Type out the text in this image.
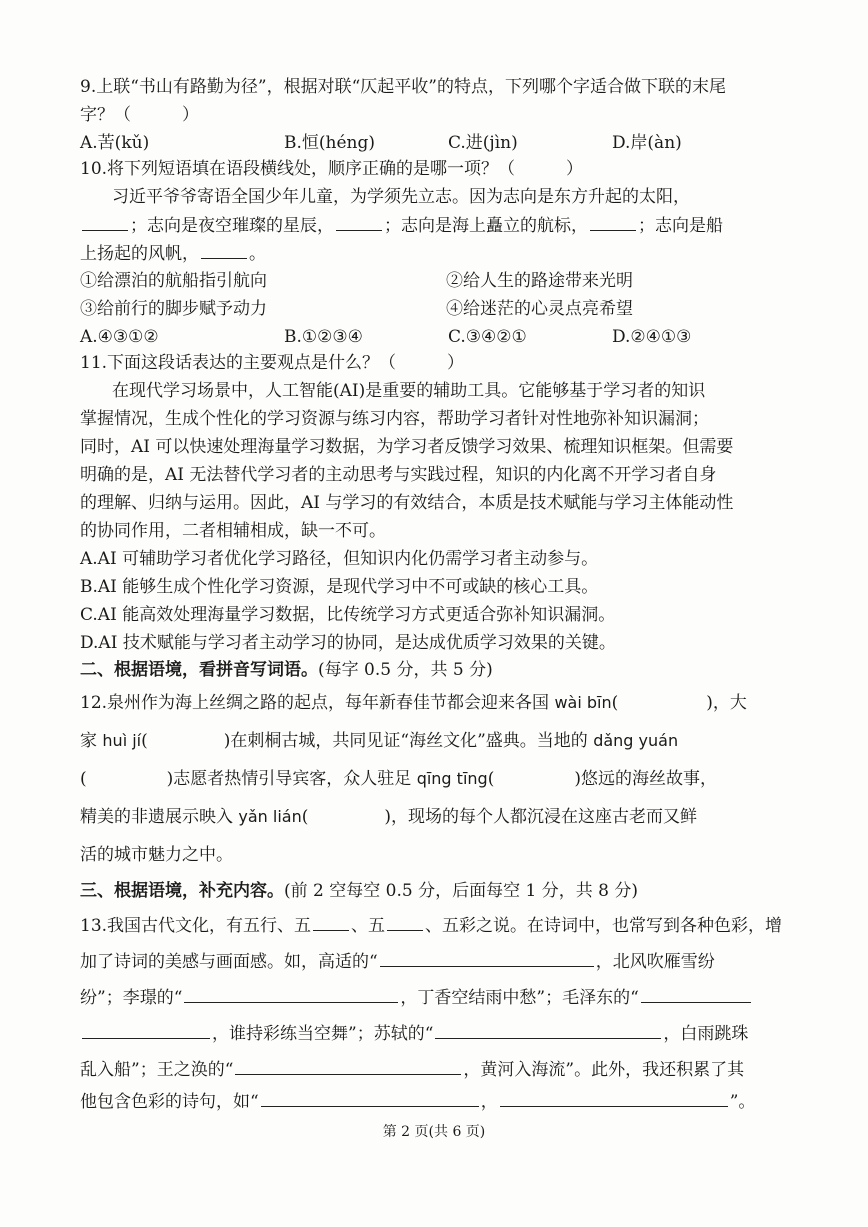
9.上联“书山有路勤为径”，根据对联“仄起平收”的特点，下列哪个字适合做下联的末尾
字？（　　　）
A.苦(kǔ)	B.恒(héng)	C.进(jìn)	D.岸(àn)
10.将下列短语填在语段横线处，顺序正确的是哪一项？（　　　）
习近平爷爷寄语全国少年儿童，为学须先立志。因为志向是东方升起的太阳，
；志向是夜空璀璨的星辰，	；志向是海上矗立的航标，	；志向是船
上扬起的风帆，	。
①给漂泊的航船指引航向	②给人生的路途带来光明
③给前行的脚步赋予动力	④给迷茫的心灵点亮希望
A.④③①②	B.①②③④	C.③④②①	D.②④①③
11.下面这段话表达的主要观点是什么？（　　　）
在现代学习场景中，人工智能(AI)是重要的辅助工具。它能够基于学习者的知识
掌握情况，生成个性化的学习资源与练习内容，帮助学习者针对性地弥补知识漏洞；
同时，AI 可以快速处理海量学习数据，为学习者反馈学习效果、梳理知识框架。但需要
明确的是，AI 无法替代学习者的主动思考与实践过程，知识的内化离不开学习者自身
的理解、归纳与运用。因此，AI 与学习的有效结合，本质是技术赋能与学习主体能动性
的协同作用，二者相辅相成，缺一不可。
A.AI 可辅助学习者优化学习路径，但知识内化仍需学习者主动参与。
B.AI 能够生成个性化学习资源，是现代学习中不可或缺的核心工具。
C.AI 能高效处理海量学习数据，比传统学习方式更适合弥补知识漏洞。
D.AI 技术赋能与学习者主动学习的协同，是达成优质学习效果的关键。
二、根据语境，看拼音写词语。(每字 0.5 分，共 5 分)
12.泉州作为海上丝绸之路的起点，每年新春佳节都会迎来各国 wài bīn(	)，大
家 huì jí(	)在刺桐古城，共同见证“海丝文化”盛典。当地的 dǎng yuán
(	)志愿者热情引导宾客，众人驻足 qīng tīng(	)悠远的海丝故事，
精美的非遗展示映入 yǎn lián(	)，现场的每个人都沉浸在这座古老而又鲜
活的城市魅力之中。
三、根据语境，补充内容。(前 2 空每空 0.5 分，后面每空 1 分，共 8 分)
13.我国古代文化，有五行、五 、五 、五彩之说。在诗词中，也常写到各种色彩，增
加了诗词的美感与画面感。如，高适的“	，北风吹雁雪纷
纷”；李璟的“	，丁香空结雨中愁”；毛泽东的“
，谁持彩练当空舞”；苏轼的“	，白雨跳珠
乱入船”；王之涣的“	，黄河入海流”。此外，我还积累了其
他包含色彩的诗句，如“	，	”。
第 2 页(共 6 页)
